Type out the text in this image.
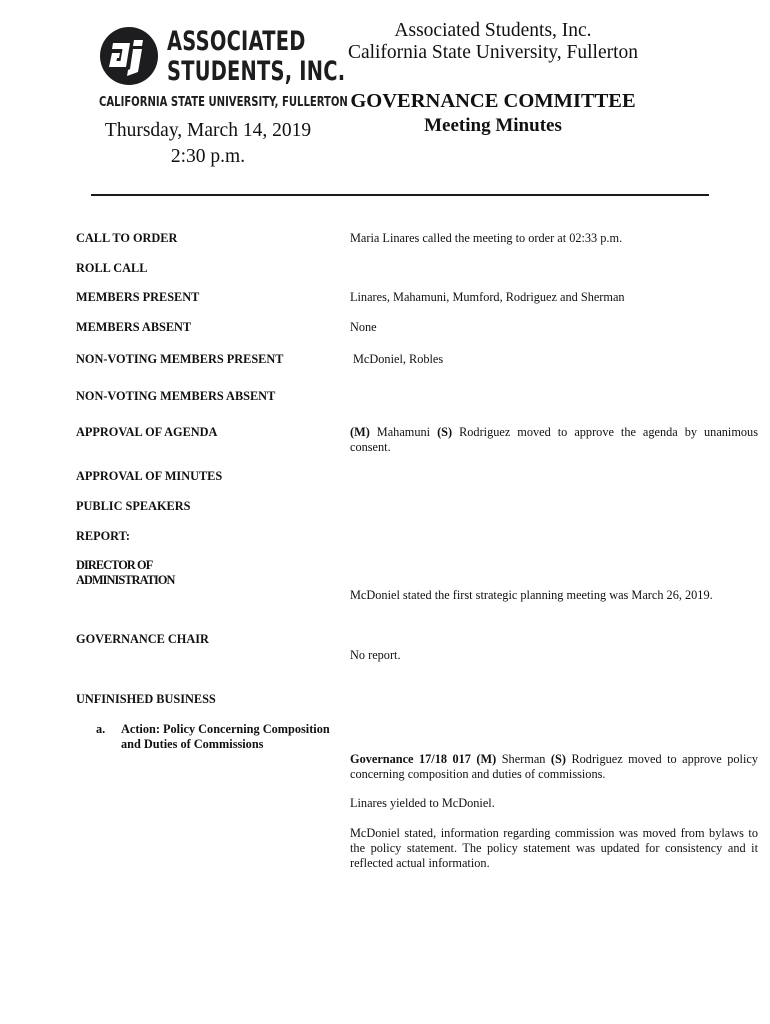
ASSOCIATED
STUDENTS, INC.
CALIFORNIA STATE UNIVERSITY, FULLERTON
Associated Students, Inc.
California State University, Fullerton
GOVERNANCE COMMITTEE
Meeting Minutes
Thursday, March 14, 2019
2:30 p.m.
CALL TO ORDER	Maria Linares called the meeting to order at 02:33 p.m.
ROLL CALL
MEMBERS PRESENT	Linares, Mahamuni, Mumford, Rodriguez and Sherman
MEMBERS ABSENT	None
NON-VOTING MEMBERS PRESENT	McDoniel, Robles
NON-VOTING MEMBERS ABSENT
APPROVAL OF AGENDA	(M) Mahamuni (S) Rodriguez moved to approve the agenda by unanimous consent.
APPROVAL OF MINUTES
PUBLIC SPEAKERS
REPORT:
DIRECTOR OF
ADMINISTRATION
McDoniel stated the first strategic planning meeting was March 26, 2019.
GOVERNANCE CHAIR
No report.
UNFINISHED BUSINESS
a. Action: Policy Concerning Composition and Duties of Commissions
Governance 17/18 017 (M) Sherman (S) Rodriguez moved to approve policy concerning composition and duties of commissions.
Linares yielded to McDoniel.
McDoniel stated, information regarding commission was moved from bylaws to the policy statement. The policy statement was updated for consistency and it reflected actual information.
